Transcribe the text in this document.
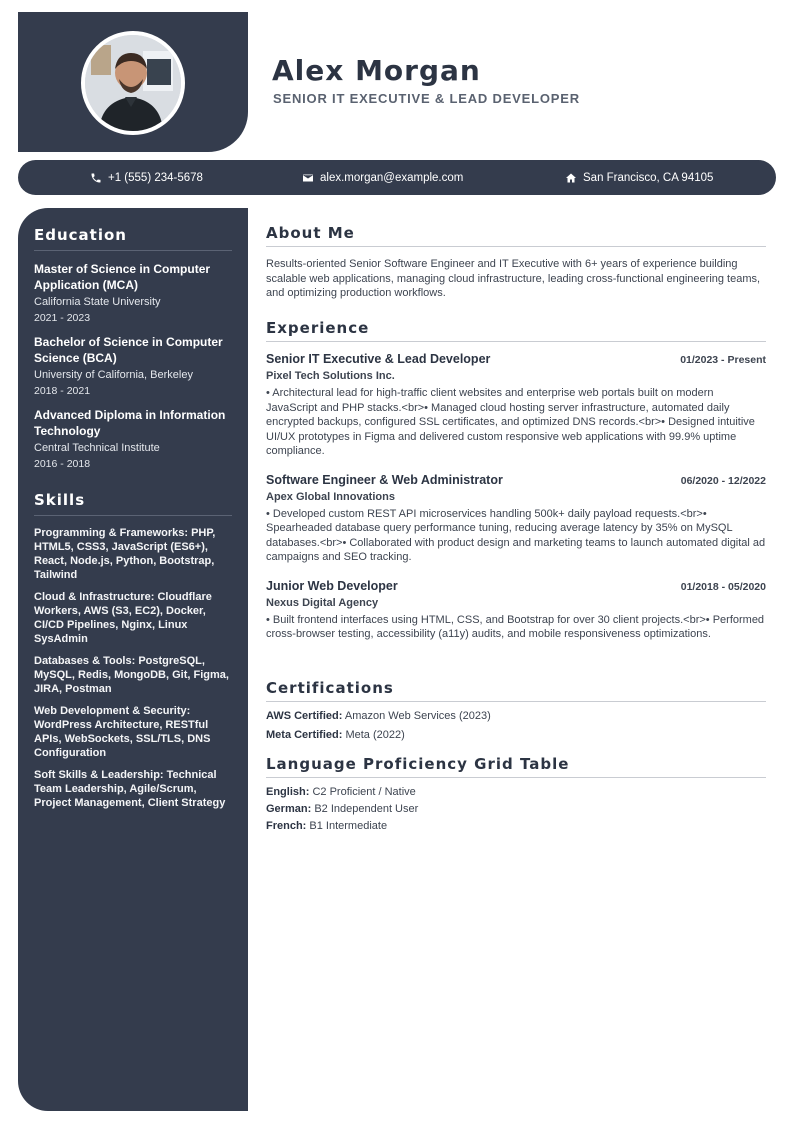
Alex Morgan
SENIOR IT EXECUTIVE & LEAD DEVELOPER
+1 (555) 234-5678	alex.morgan@example.com	San Francisco, CA 94105
Education
Master of Science in Computer Application (MCA)
California State University
2021 - 2023
Bachelor of Science in Computer Science (BCA)
University of California, Berkeley
2018 - 2021
Advanced Diploma in Information Technology
Central Technical Institute
2016 - 2018
Skills
Programming & Frameworks: PHP, HTML5, CSS3, JavaScript (ES6+), React, Node.js, Python, Bootstrap, Tailwind
Cloud & Infrastructure: Cloudflare Workers, AWS (S3, EC2), Docker, CI/CD Pipelines, Nginx, Linux SysAdmin
Databases & Tools: PostgreSQL, MySQL, Redis, MongoDB, Git, Figma, JIRA, Postman
Web Development & Security: WordPress Architecture, RESTful APIs, WebSockets, SSL/TLS, DNS Configuration
Soft Skills & Leadership: Technical Team Leadership, Agile/Scrum, Project Management, Client Strategy
About Me
Results-oriented Senior Software Engineer and IT Executive with 6+ years of experience building scalable web applications, managing cloud infrastructure, leading cross-functional engineering teams, and optimizing production workflows.
Experience
Senior IT Executive & Lead Developer	01/2023 - Present
Pixel Tech Solutions Inc.
• Architectural lead for high-traffic client websites and enterprise web portals built on modern JavaScript and PHP stacks.<br>• Managed cloud hosting server infrastructure, automated daily encrypted backups, configured SSL certificates, and optimized DNS records.<br>• Designed intuitive UI/UX prototypes in Figma and delivered custom responsive web applications with 99.9% uptime compliance.
Software Engineer & Web Administrator	06/2020 - 12/2022
Apex Global Innovations
• Developed custom REST API microservices handling 500k+ daily payload requests.<br>• Spearheaded database query performance tuning, reducing average latency by 35% on MySQL databases.<br>• Collaborated with product design and marketing teams to launch automated digital ad campaigns and SEO tracking.
Junior Web Developer	01/2018 - 05/2020
Nexus Digital Agency
• Built frontend interfaces using HTML, CSS, and Bootstrap for over 30 client projects.<br>• Performed cross-browser testing, accessibility (a11y) audits, and mobile responsiveness optimizations.
Certifications
AWS Certified: Amazon Web Services (2023)
Meta Certified: Meta (2022)
Language Proficiency Grid Table
English: C2 Proficient / Native
German: B2 Independent User
French: B1 Intermediate
